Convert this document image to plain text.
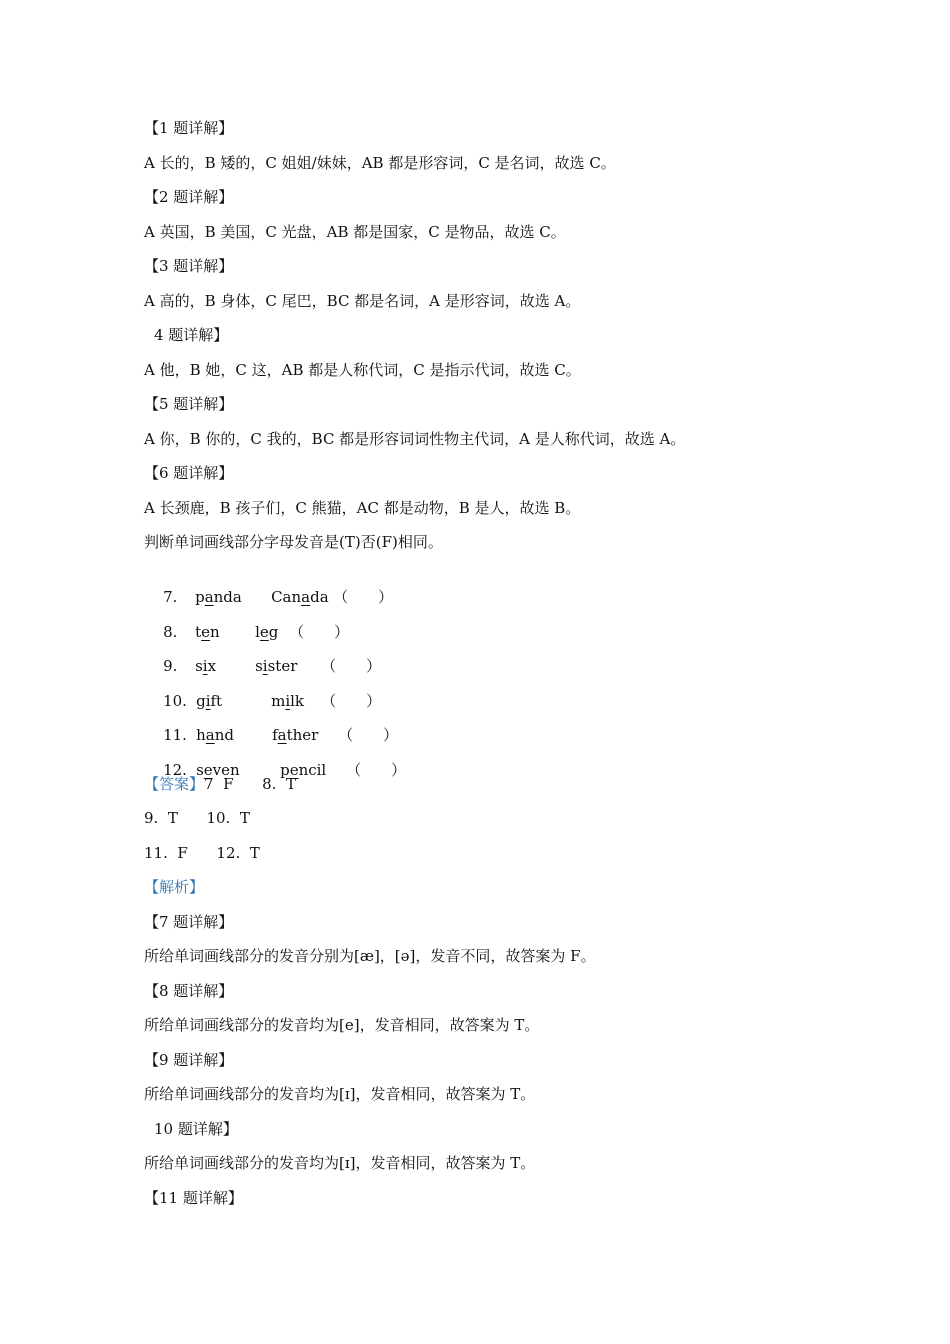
【1 题详解】
A 长的，B 矮的，C 姐姐/妹妹，AB 都是形容词，C 是名词，故选 C。
【2 题详解】
A 英国，B 美国，C 光盘，AB 都是国家，C 是物品，故选 C。
【3 题详解】
A 高的，B 身体，C 尾巴，BC 都是名词，A 是形容词，故选 A。
4 题详解】
A 他，B 她，C 这，AB 都是人称代词，C 是指示代词，故选 C。
【5 题详解】
A 你，B 你的，C 我的，BC 都是形容词词性物主代词，A 是人称代词，故选 A。
【6 题详解】
A 长颈鹿，B 孩子们，C 熊猫，AC 都是动物，B 是人，故选 B。
判断单词画线部分字母发音是(T)否(F)相同。

7. panda Canada （　　）

8. ten leg （　　）

9. six	sister （　　）

10. gift	milk （　　）

11. hand	father （　　）

12. seven	pencil （　　）

【答案】7  F      8.  T
9.  T      10.  T
11.  F      12.  T
【解析】
【7 题详解】
所给单词画线部分的发音分别为[æ]，[ə]，发音不同，故答案为 F。
【8 题详解】
所给单词画线部分的发音均为[e]，发音相同，故答案为 T。
【9 题详解】
所给单词画线部分的发音均为[ɪ]，发音相同，故答案为 T。
10 题详解】
所给单词画线部分的发音均为[ɪ]，发音相同，故答案为 T。
【11 题详解】
